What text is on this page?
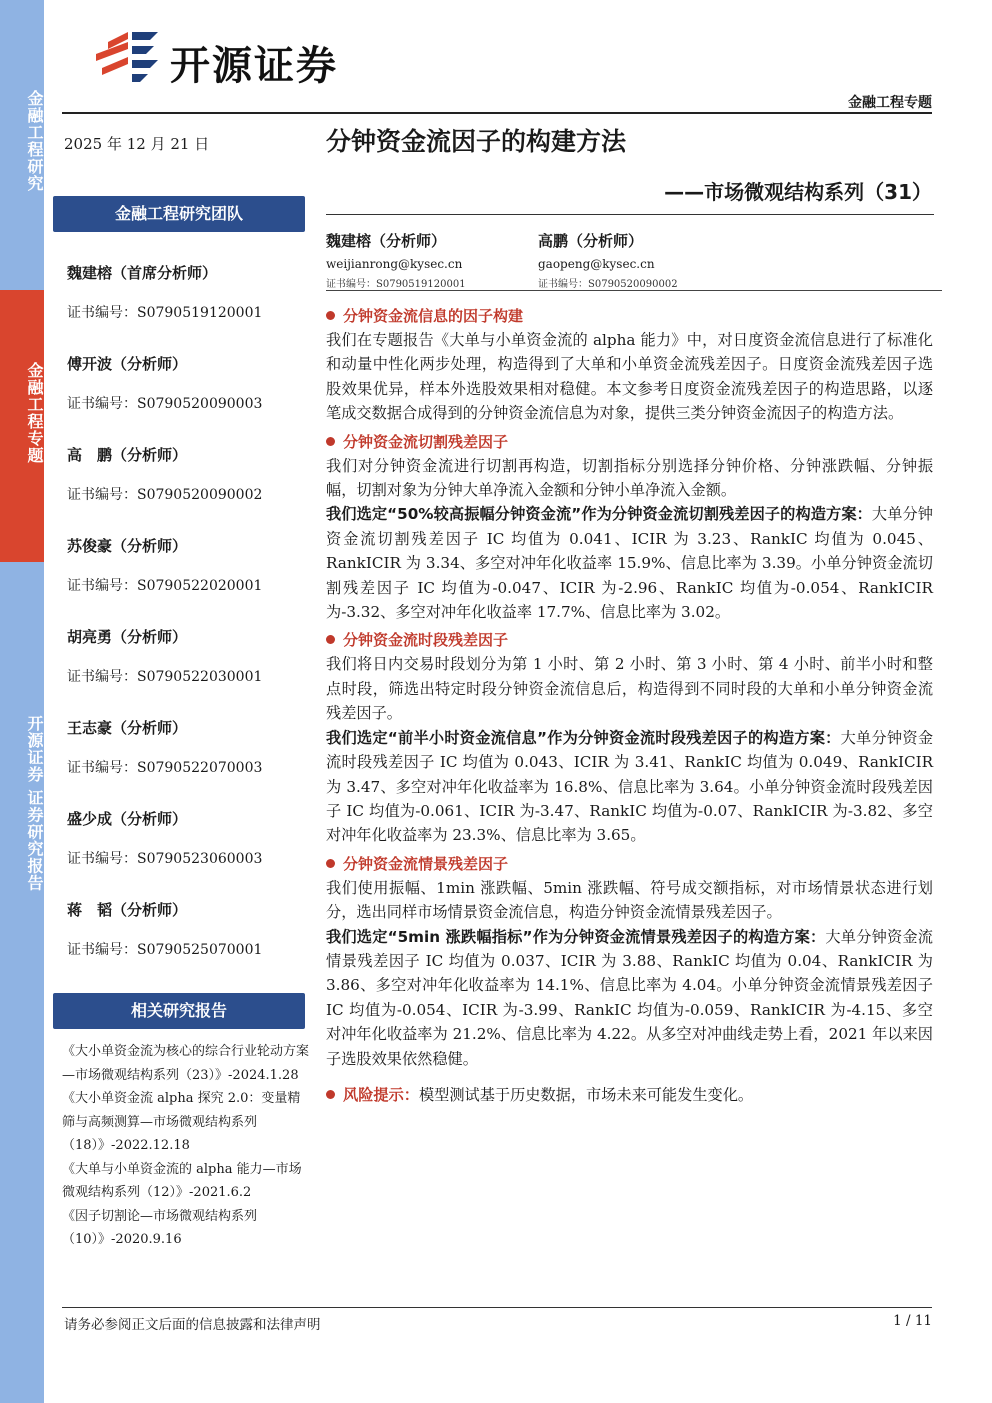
金融工程研究
金融工程专题
开源证券 证券研究报告
开源证券
金融工程专题
2025 年 12 月 21 日	分钟资金流因子的构建方法
——市场微观结构系列（31）
魏建榕（分析师）
weijianrong@kysec.cn
证书编号：S0790519120001
高鹏（分析师）
gaopeng@kysec.cn
证书编号：S0790520090002
金融工程研究团队
魏建榕（首席分析师）
证书编号：S0790519120001
傅开波（分析师）
证书编号：S0790520090003
高　鹏（分析师）
证书编号：S0790520090002
苏俊豪（分析师）
证书编号：S0790522020001
胡亮勇（分析师）
证书编号：S0790522030001
王志豪（分析师）
证书编号：S0790522070003
盛少成（分析师）
证书编号：S0790523060003
蒋　韬（分析师）
证书编号：S0790525070001
相关研究报告

《大小单资金流为核心的综合行业轮动方案—市场微观结构系列（23）》-2024.1.28

《大小单资金流 alpha 探究 2.0：变量精筛与高频测算—市场微观结构系列（18）》-2022.12.18

《大单与小单资金流的 alpha 能力—市场微观结构系列（12）》-2021.6.2

《因子切割论—市场微观结构系列（10）》-2020.9.16

分钟资金流信息的因子构建

我们在专题报告《大单与小单资金流的 alpha 能力》中，对日度资金流信息进行了标准化和动量中性化两步处理，构造得到了大单和小单资金流残差因子。日度资金流残差因子选股效果优异，样本外选股效果相对稳健。本文参考日度资金流残差因子的构造思路，以逐笔成交数据合成得到的分钟资金流信息为对象，提供三类分钟资金流因子的构造方法。

分钟资金流切割残差因子

我们对分钟资金流进行切割再构造，切割指标分别选择分钟价格、分钟涨跌幅、分钟振幅，切割对象为分钟大单净流入金额和分钟小单净流入金额。

我们选定“50%较高振幅分钟资金流”作为分钟资金流切割残差因子的构造方案：大单分钟资金流切割残差因子 IC 均值为 0.041、ICIR 为 3.23、RankIC 均值为 0.045、RankICIR 为 3.34、多空对冲年化收益率 15.9%、信息比率为 3.39。小单分钟资金流切割残差因子 IC 均值为-0.047、ICIR 为-2.96、RankIC 均值为-0.054、RankICIR 为-3.32、多空对冲年化收益率 17.7%、信息比率为 3.02。

分钟资金流时段残差因子

我们将日内交易时段划分为第 1 小时、第 2 小时、第 3 小时、第 4 小时、前半小时和整点时段，筛选出特定时段分钟资金流信息后，构造得到不同时段的大单和小单分钟资金流残差因子。

我们选定“前半小时资金流信息”作为分钟资金流时段残差因子的构造方案：大单分钟资金流时段残差因子 IC 均值为 0.043、ICIR 为 3.41、RankIC 均值为 0.049、RankICIR 为 3.47、多空对冲年化收益率为 16.8%、信息比率为 3.64。小单分钟资金流时段残差因子 IC 均值为-0.061、ICIR 为-3.47、RankIC 均值为-0.07、RankICIR 为-3.82、多空对冲年化收益率为 23.3%、信息比率为 3.65。

分钟资金流情景残差因子

我们使用振幅、1min 涨跌幅、5min 涨跌幅、符号成交额指标，对市场情景状态进行划分，选出同样市场情景资金流信息，构造分钟资金流情景残差因子。

我们选定“5min 涨跌幅指标”作为分钟资金流情景残差因子的构造方案：大单分钟资金流情景残差因子 IC 均值为 0.037、ICIR 为 3.88、RankIC 均值为 0.04、RankICIR 为 3.86、多空对冲年化收益率为 14.1%、信息比率为 4.04。小单分钟资金流情景残差因子 IC 均值为-0.054、ICIR 为-3.99、RankIC 均值为-0.059、RankICIR 为-4.15、多空对冲年化收益率为 21.2%、信息比率为 4.22。从多空对冲曲线走势上看，2021 年以来因子选股效果依然稳健。

风险提示：模型测试基于历史数据，市场未来可能发生变化。
请务必参阅正文后面的信息披露和法律声明	1 / 11
